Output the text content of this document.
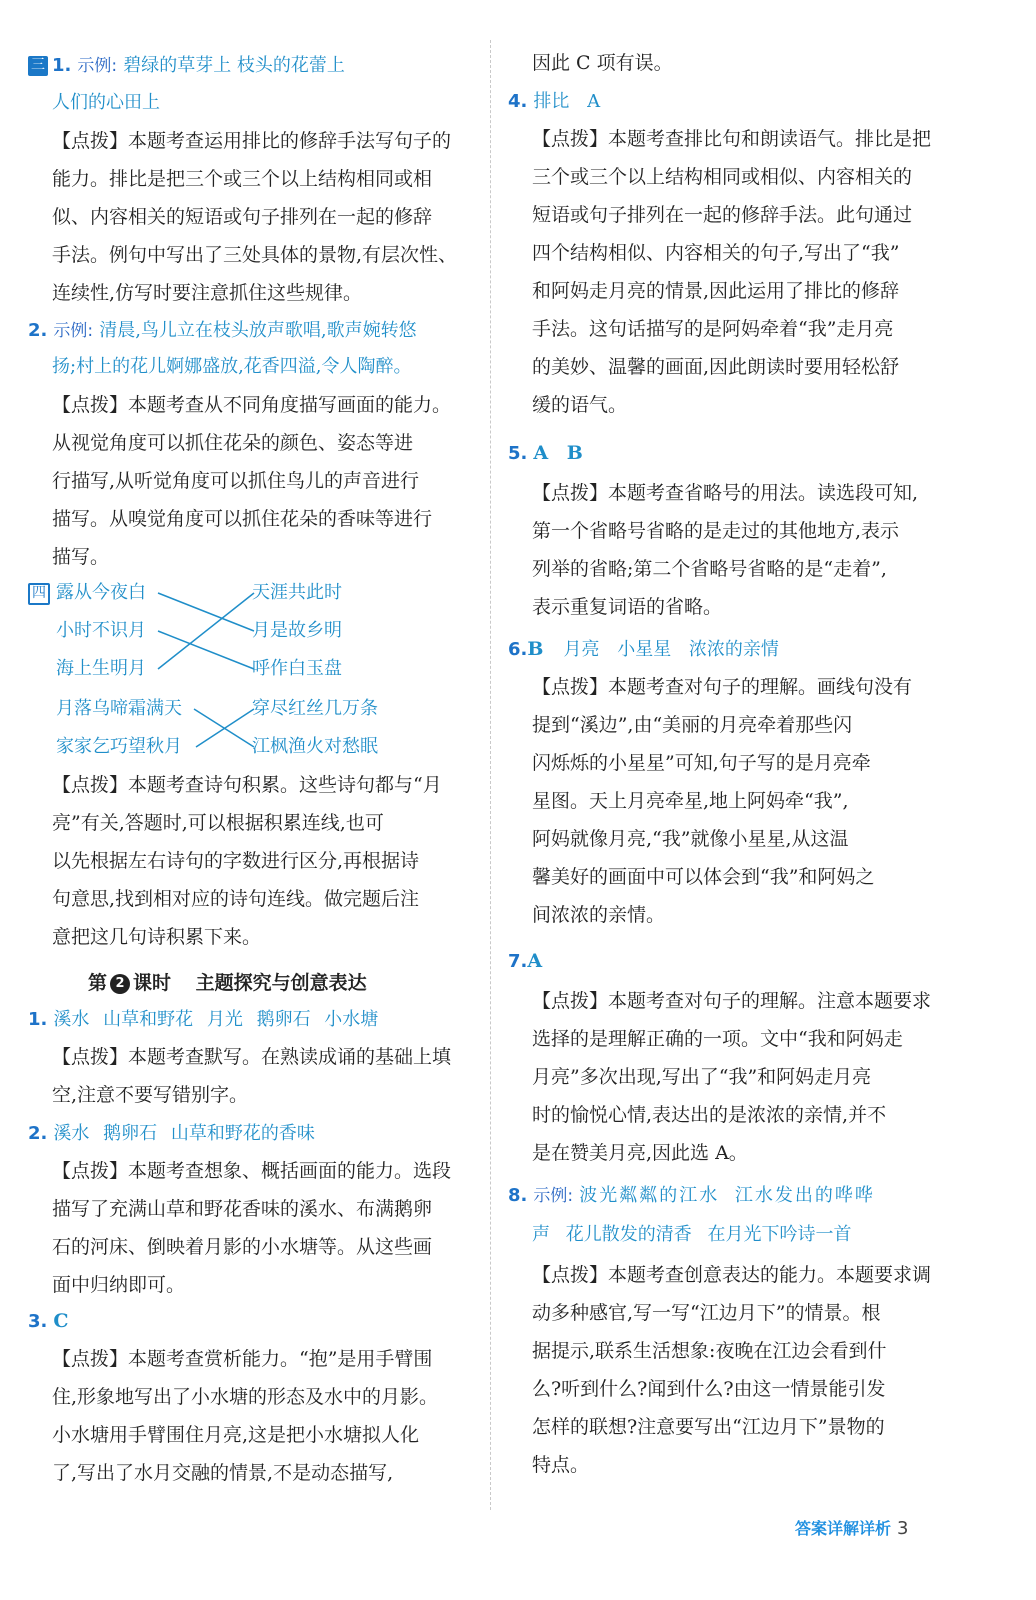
三 1. 示例: 碧绿的草芽上 枝头的花蕾上
人们的心田上
【点拨】本题考查运用排比的修辞手法写句子的
能力。排比是把三个或三个以上结构相同或相
似、内容相关的短语或句子排列在一起的修辞
手法。例句中写出了三处具体的景物,有层次性、
连续性,仿写时要注意抓住这些规律。
2. 示例: 清晨,鸟儿立在枝头放声歌唱,歌声婉转悠
扬;村上的花儿婀娜盛放,花香四溢,令人陶醉。
【点拨】本题考查从不同角度描写画面的能力。
从视觉角度可以抓住花朵的颜色、姿态等进
行描写,从听觉角度可以抓住鸟儿的声音进行
描写。从嗅觉角度可以抓住花朵的香味等进行
描写。
四 露从今夜白
小时不识月
海上生明月
月落乌啼霜满天
家家乞巧望秋月
天涯共此时
月是故乡明
呼作白玉盘
穿尽红丝几万条
江枫渔火对愁眠
【点拨】本题考查诗句积累。这些诗句都与“月
亮”有关,答题时,可以根据积累连线,也可
以先根据左右诗句的字数进行区分,再根据诗
句意思,找到相对应的诗句连线。做完题后注
意把这几句诗积累下来。
第 2 课时 主题探究与创意表达
1. 溪水 山草和野花 月光 鹅卵石 小水塘
【点拨】本题考查默写。在熟读成诵的基础上填
空,注意不要写错别字。
2. 溪水 鹅卵石 山草和野花的香味
【点拨】本题考查想象、概括画面的能力。选段
描写了充满山草和野花香味的溪水、布满鹅卵
石的河床、倒映着月影的小水塘等。从这些画
面中归纳即可。
3. C
【点拨】本题考查赏析能力。“抱”是用手臂围
住,形象地写出了小水塘的形态及水中的月影。
小水塘用手臂围住月亮,这是把小水塘拟人化
了,写出了水月交融的情景,不是动态描写,
因此 C 项有误。
4. 排比 A
【点拨】本题考查排比句和朗读语气。排比是把
三个或三个以上结构相同或相似、内容相关的
短语或句子排列在一起的修辞手法。此句通过
四个结构相似、内容相关的句子,写出了“我”
和阿妈走月亮的情景,因此运用了排比的修辞
手法。这句话描写的是阿妈牵着“我”走月亮
的美妙、温馨的画面,因此朗读时要用轻松舒
缓的语气。
5. A B
【点拨】本题考查省略号的用法。读选段可知,
第一个省略号省略的是走过的其他地方,表示
列举的省略;第二个省略号省略的是“走着”,
表示重复词语的省略。
6.B 月亮 小星星 浓浓的亲情
【点拨】本题考查对句子的理解。画线句没有
提到“溪边”,由“美丽的月亮牵着那些闪
闪烁烁的小星星”可知,句子写的是月亮牵
星图。天上月亮牵星,地上阿妈牵“我”,
阿妈就像月亮,“我”就像小星星,从这温
馨美好的画面中可以体会到“我”和阿妈之
间浓浓的亲情。
7.A
【点拨】本题考查对句子的理解。注意本题要求
选择的是理解正确的一项。文中“我和阿妈走
月亮”多次出现,写出了“我”和阿妈走月亮
时的愉悦心情,表达出的是浓浓的亲情,并不
是在赞美月亮,因此选 A。
8. 示例: 波光粼粼的江水 江水发出的哗哗
声 花儿散发的清香 在月光下吟诗一首
【点拨】本题考查创意表达的能力。本题要求调
动多种感官,写一写“江边月下”的情景。根
据提示,联系生活想象:夜晚在江边会看到什
么?听到什么?闻到什么?由这一情景能引发
怎样的联想?注意要写出“江边月下”景物的
特点。
答案详解详析 3
